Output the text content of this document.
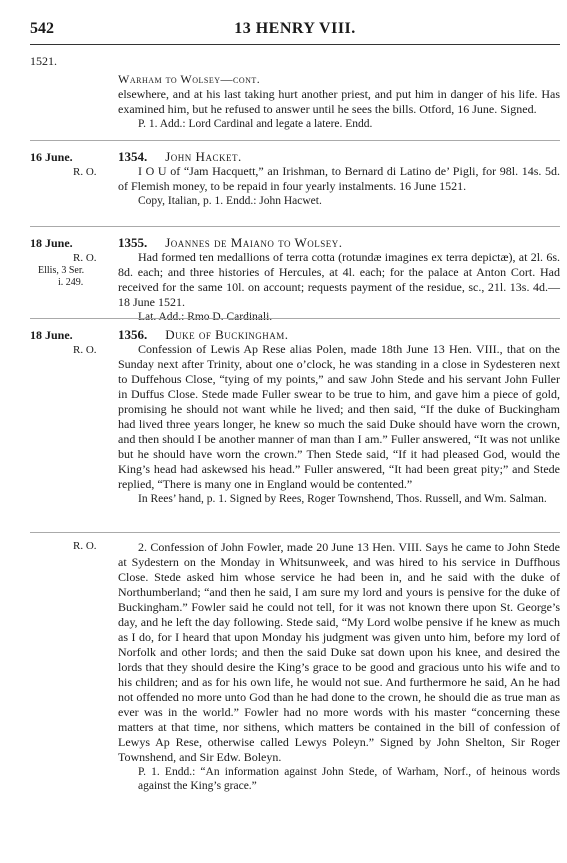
542	13 HENRY VIII.
1521.

Warham to Wolsey—cont.

elsewhere, and at his last taking hurt another priest, and put him in danger of his life. Has examined him, but he refused to answer until he sees the bills. Otford, 16 June. Signed.

P. 1. Add.: Lord Cardinal and legate a latere. Endd.

16 June.
R. O.
1354. John Hacket.

I O U of “Jam Hacquett,” an Irishman, to Bernard di Latino de’ Pigli, for 98l. 14s. 5d. of Flemish money, to be repaid in four yearly instalments. 16 June 1521.

Copy, Italian, p. 1. Endd.: John Hacwet.

18 June.
R. O.
Ellis, 3 Ser.
i. 249.
1355. Joannes de Maiano to Wolsey.

Had formed ten medallions of terra cotta (rotundæ imagines ex terra depictæ), at 2l. 6s. 8d. each; and three histories of Hercules, at 4l. each; for the palace at Anton Cort. Had received for the same 10l. on account; requests payment of the residue, sc., 21l. 13s. 4d.—18 June 1521.

Lat. Add.: Rmo D. Cardinali.

18 June.
R. O.
1356. Duke of Buckingham.

Confession of Lewis Ap Rese alias Polen, made 18th June 13 Hen. VIII., that on the Sunday next after Trinity, about one o’clock, he was standing in a close in Sydesteren next to Duffehous Close, “tying of my points,” and saw John Stede and his servant John Fuller in Duffus Close. Stede made Fuller swear to be true to him, and gave him a piece of gold, promising he should not want while he lived; and then said, “If the duke of Buckingham had lived three years longer, he knew so much the said Duke should have worn the crown, and then should I be another manner of man than I am.” Fuller answered, “It was not unlike but he should have worn the crown.” Then Stede said, “If it had pleased God, would the King’s head had askewsed his head.” Fuller answered, “It had been great pity;” and Stede replied, “There is many one in England would be contented.”

In Rees’ hand, p. 1. Signed by Rees, Roger Townshend, Thos. Russell, and Wm. Salman.

R. O.	2. Confession of John Fowler, made 20 June 13 Hen. VIII. Says he came to John Stede at Sydestern on the Monday in Whitsunweek, and was hired to his service in Duffhous Close. Stede asked him whose service he had been in, and he said with the duke of Northumberland; “and then he said, I am sure my lord and yours is pensive for the duke of Buckingham.” Fowler said he could not tell, for it was not known there upon St. George’s day, and he left the day following. Stede said, “My Lord wolbe pensive if he knew as much as I do, for I heard that upon Monday his judgment was given unto him, before my lord of Norfolk and other lords; and then the said Duke sat down upon his knee, and desired the lords that they should desire the King’s grace to be good and gracious unto his wife and to his children; and as for his own life, he would not sue. And furthermore he said, An he had not offended no more unto God than he had done to the crown, he should die as true man as ever was in the world.” Fowler had no more words with his master “concerning these matters at that time, nor sithens, which matters be contained in the bill of confession of Lewys Ap Rese, otherwise called Lewys Poleyn.” Signed by John Shelton, Sir Roger Townshend, and Sir Edw. Boleyn.

P. 1. Endd.: “An information against John Stede, of Warham, Norf., of heinous words against the King’s grace.”
